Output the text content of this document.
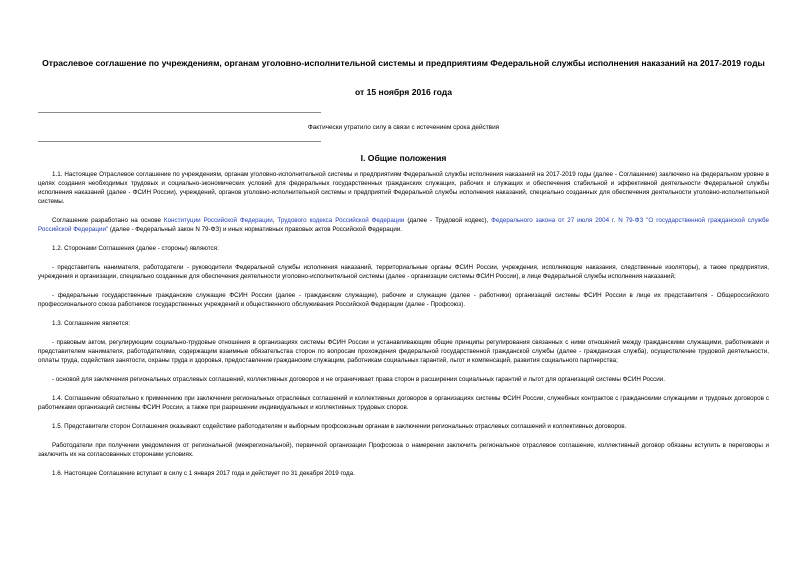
Отраслевое соглашение по учреждениям, органам уголовно-исполнительной системы и предприятиям Федеральной службы исполнения наказаний на 2017-2019 годы
от 15 ноября 2016 года
Фактически утратило силу в связи с истечением срока действия
I. Общие положения

1.1. Настоящее Отраслевое соглашение по учреждениям, органам уголовно-исполнительной системы и предприятиям Федеральной службы исполнения наказаний на 2017-2019 годы (далее - Соглашение) заключено на федеральном уровне в целях создания необходимых трудовых и социально-экономических условий для федеральных государственных гражданских служащих, рабочих и служащих и обеспечения стабильной и эффективной деятельности Федеральной службы исполнения наказаний (далее - ФСИН России), учреждений, органов уголовно-исполнительной системы и предприятий Федеральной службы исполнения наказаний, специально созданных для обеспечения деятельности уголовно-исполнительной системы.

Соглашение разработано на основе Конституции Российской Федерации, Трудового кодекса Российской Федерации (далее - Трудовой кодекс), Федерального закона от 27 июля 2004 г. N 79-ФЗ "О государственной гражданской службе Российской Федерации" (далее - Федеральный закон N 79-ФЗ) и иных нормативных правовых актов Российской Федерации.

1.2. Сторонами Соглашения (далее - стороны) являются:

- представитель нанимателя, работодатели - руководители Федеральной службы исполнения наказаний, территориальные органы ФСИН России, учреждения, исполняющие наказания, следственные изоляторы), а также предприятия, учреждения и организации, специально созданные для обеспечения деятельности уголовно-исполнительной системы (далее - организации системы ФСИН России), в лице Федеральной службы исполнения наказаний;

- федеральные государственные гражданские служащие ФСИН России (далее - гражданские служащие), рабочие и служащие (далее - работники) организаций системы ФСИН России в лице их представителя - Общероссийского профессионального союза работников государственных учреждений и общественного обслуживания Российской Федерации (далее - Профсоюз).

1.3. Соглашение является:

- правовым актом, регулирующим социально-трудовые отношения в организациях системы ФСИН России и устанавливающим общие принципы регулирования связанных с ними отношений между гражданскими служащими, работниками и представителем нанимателя, работодателями, содержащим взаимные обязательства сторон по вопросам прохождения федеральной государственной гражданской службы (далее - гражданская служба), осуществление трудовой деятельности, оплаты труда, содействия занятости, охраны труда и здоровья, предоставление гражданским служащим, работникам социальных гарантий, льгот и компенсаций, развития социального партнерства;

- основой для заключения региональных отраслевых соглашений, коллективных договоров и не ограничивает права сторон в расширении социальных гарантий и льгот для организаций системы ФСИН России.

1.4. Соглашение обязательно к применению при заключении региональных отраслевых соглашений и коллективных договоров в организациях системы ФСИН России, служебных контрактов с гражданскими служащими и трудовых договоров с работниками организаций системы ФСИН России, а также при разрешении индивидуальных и коллективных трудовых споров.

1.5. Представители сторон Соглашения оказывают содействие работодателям и выборным профсоюзным органам в заключении региональных отраслевых соглашений и коллективных договоров.

Работодатели при получении уведомления от региональной (межрегиональной), первичной организации Профсоюза о намерении заключить региональное отраслевое соглашение, коллективный договор обязаны вступить в переговоры и заключить их на согласованных сторонами условиях.

1.6. Настоящее Соглашение вступает в силу с 1 января 2017 года и действует по 31 декабря 2019 года.
